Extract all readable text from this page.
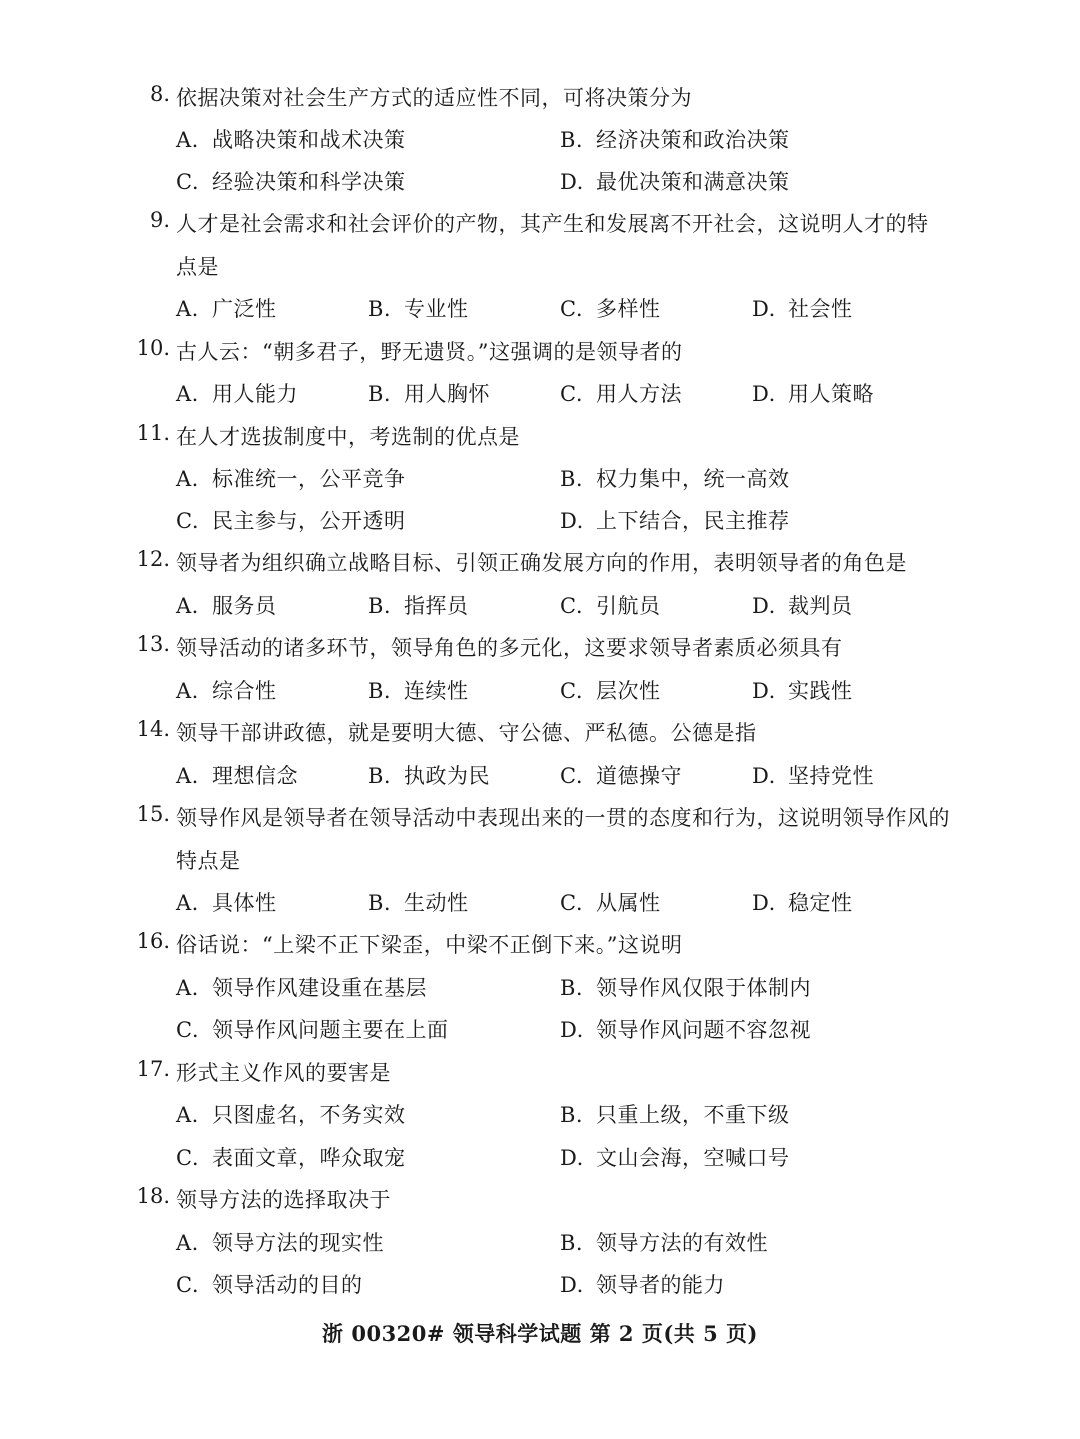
8. 依据决策对社会生产方式的适应性不同，可将决策分为
A. 战略决策和战术决策	B. 经济决策和政治决策
C. 经验决策和科学决策	D. 最优决策和满意决策
9. 人才是社会需求和社会评价的产物，其产生和发展离不开社会，这说明人才的特
点是
A. 广泛性	B. 专业性	C. 多样性	D. 社会性
10. 古人云：“朝多君子，野无遗贤。”这强调的是领导者的
A. 用人能力	B. 用人胸怀	C. 用人方法	D. 用人策略
11. 在人才选拔制度中，考选制的优点是
A. 标准统一，公平竞争	B. 权力集中，统一高效
C. 民主参与，公开透明	D. 上下结合，民主推荐
12. 领导者为组织确立战略目标、引领正确发展方向的作用，表明领导者的角色是
A. 服务员	B. 指挥员	C. 引航员	D. 裁判员
13. 领导活动的诸多环节，领导角色的多元化，这要求领导者素质必须具有
A. 综合性	B. 连续性	C. 层次性	D. 实践性
14. 领导干部讲政德，就是要明大德、守公德、严私德。公德是指
A. 理想信念	B. 执政为民	C. 道德操守	D. 坚持党性
15. 领导作风是领导者在领导活动中表现出来的一贯的态度和行为，这说明领导作风的
特点是
A. 具体性	B. 生动性	C. 从属性	D. 稳定性
16. 俗话说：“上梁不正下梁歪，中梁不正倒下来。”这说明
A. 领导作风建设重在基层	B. 领导作风仅限于体制内
C. 领导作风问题主要在上面	D. 领导作风问题不容忽视
17. 形式主义作风的要害是
A. 只图虚名，不务实效	B. 只重上级，不重下级
C. 表面文章，哗众取宠	D. 文山会海，空喊口号
18. 领导方法的选择取决于
A. 领导方法的现实性	B. 领导方法的有效性
C. 领导活动的目的	D. 领导者的能力
浙 00320# 领导科学试题 第 2 页(共 5 页)
